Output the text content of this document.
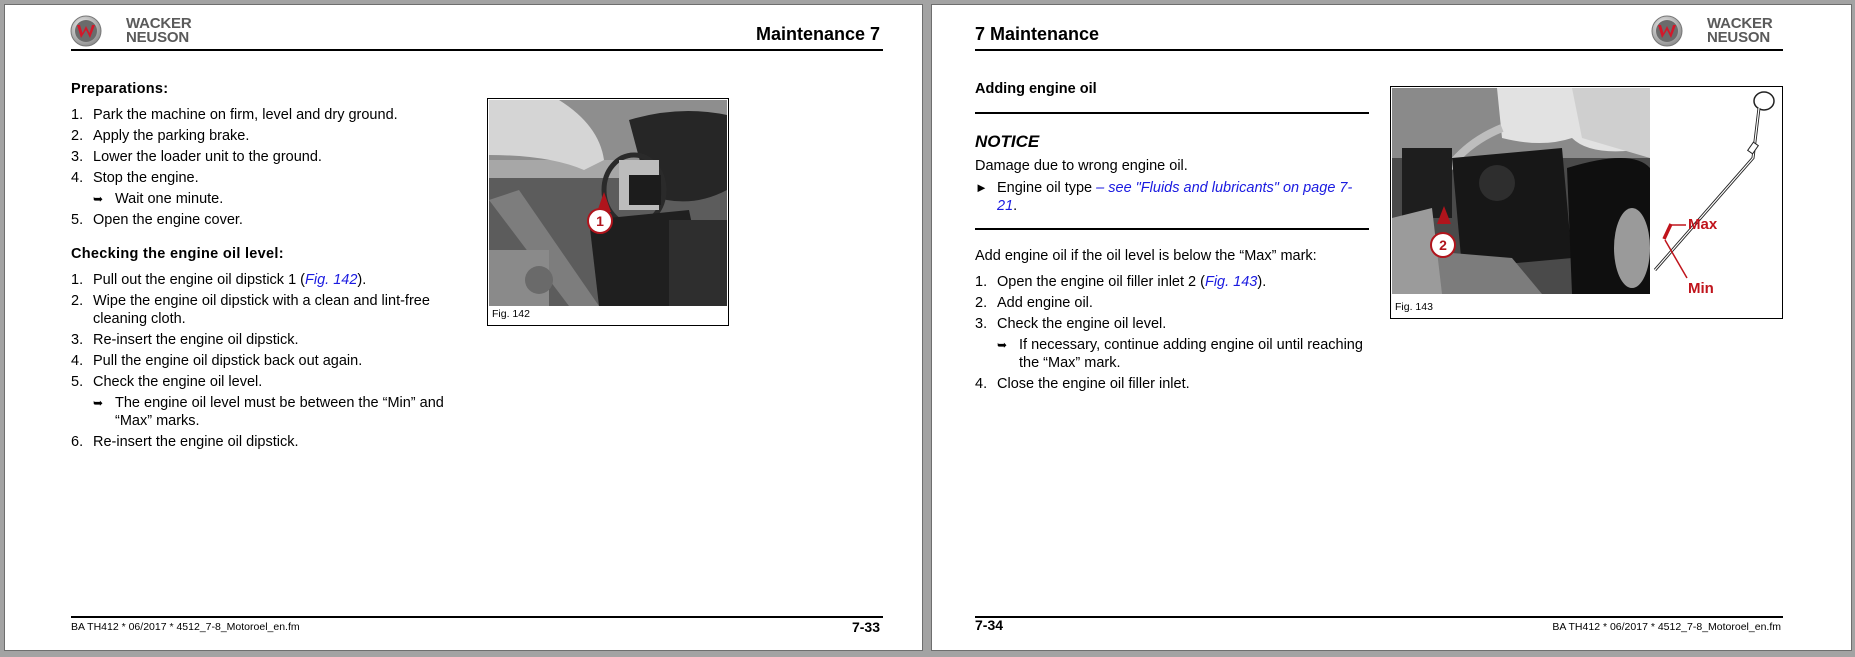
WACKER
NEUSON	Maintenance 7
Preparations:
1. Park the machine on firm, level and dry ground.
2. Apply the parking brake.
3. Lower the loader unit to the ground.
4. Stop the engine.
➥ Wait one minute.
5. Open the engine cover.
Checking the engine oil level:
1. Pull out the engine oil dipstick 1 (Fig. 142).
2. Wipe the engine oil dipstick with a clean and lint-free cleaning cloth.
3. Re-insert the engine oil dipstick.
4. Pull the engine oil dipstick back out again.
5. Check the engine oil level.
➥ The engine oil level must be between the “Min” and “Max” marks.
6. Re-insert the engine oil dipstick.
1
Fig. 142
BA TH412 * 06/2017 * 4512_7-8_Motoroel_en.fm	7-33
7 Maintenance
WACKER
NEUSON
Adding engine oil
NOTICE
Damage due to wrong engine oil.
► Engine oil type – see "Fluids and lubricants" on page 7-21.
Add engine oil if the oil level is below the “Max” mark:
1. Open the engine oil filler inlet 2 (Fig. 143).
2. Add engine oil.
3. Check the engine oil level.
➥ If necessary, continue adding engine oil until reaching the “Max” mark.
4. Close the engine oil filler inlet.
2
Max
Min
Fig. 143
7-34	BA TH412 * 06/2017 * 4512_7-8_Motoroel_en.fm
